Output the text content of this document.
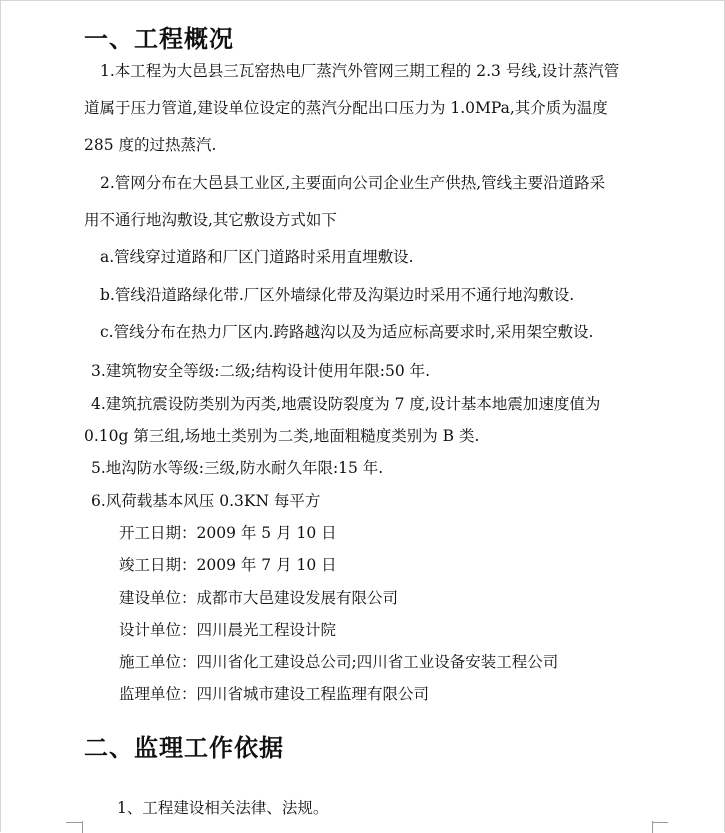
一、工程概况
1.本工程为大邑县三瓦窑热电厂蒸汽外管网三期工程的 2.3 号线,设计蒸汽管
道属于压力管道,建设单位设定的蒸汽分配出口压力为 1.0MPa,其介质为温度
285 度的过热蒸汽.
2.管网分布在大邑县工业区,主要面向公司企业生产供热,管线主要沿道路采
用不通行地沟敷设,其它敷设方式如下
a.管线穿过道路和厂区门道路时采用直埋敷设.
b.管线沿道路绿化带.厂区外墙绿化带及沟渠边时采用不通行地沟敷设.
c.管线分布在热力厂区内.跨路越沟以及为适应标高要求时,采用架空敷设.
3.建筑物安全等级:二级;结构设计使用年限:50 年.
4.建筑抗震设防类别为丙类,地震设防裂度为 7 度,设计基本地震加速度值为
0.10g 第三组,场地土类别为二类,地面粗糙度类别为 B 类.
5.地沟防水等级:三级,防水耐久年限:15 年.
6.风荷载基本风压 0.3KN 每平方
开工日期：2009 年 5 月 10 日
竣工日期：2009 年 7 月 10 日
建设单位：成都市大邑建设发展有限公司
设计单位：四川晨光工程设计院
施工单位：四川省化工建设总公司;四川省工业设备安装工程公司
监理单位：四川省城市建设工程监理有限公司
二、监理工作依据
1、工程建设相关法律、法规。
